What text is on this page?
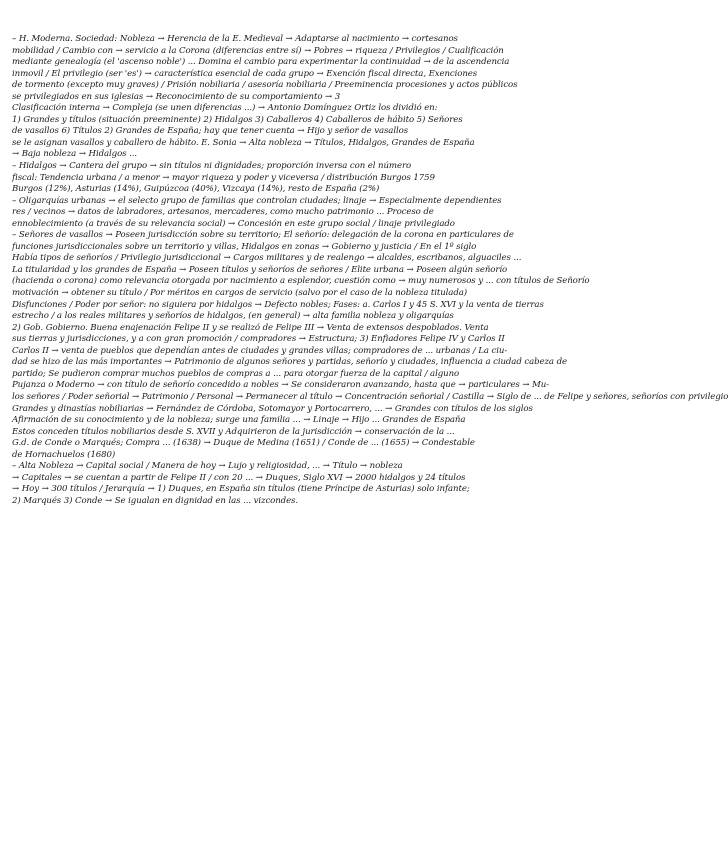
– H. Moderna. Sociedad: Nobleza → Herencia de la E. Medieval → Adaptarse al nacimiento → cortesanos
mobilidad / Cambio con → servicio a la Corona (diferencias entre sí) → Pobres → riqueza / Privilegios / Cualificación
mediante genealogía (el 'ascenso noble') ... Domina el cambio para experimentar la continuidad → de la ascendencia
inmovil / El privilegio (ser 'es') → característica esencial de cada grupo → Exención fiscal directa, Exenciones
de tormento (excepto muy graves) / Prisión nobiliaria / asesoría nobiliaria / Preeminencia procesiones y actos públicos
se privilegiados en sus iglesias → Reconocimiento de su comportamiento → 3
Clasificación interna → Compleja (se unen diferencias ...) → Antonio Domínguez Ortiz los dividió en:
1) Grandes y títulos (situación preeminente) 2) Hidalgos 3) Caballeros 4) Caballeros de hábito 5) Señores
de vasallos 6) Títulos 2) Grandes de España; hay que tener cuenta → Hijo y señor de vasallos
se le asignan vasallos y caballero de hábito. E. Sonia → Alta nobleza → Títulos, Hidalgos, Grandes de España
→ Baja nobleza → Hidalgos ...
– Hidalgos → Cantera del grupo → sin títulos ni dignidades; proporción inversa con el número
fiscal: Tendencia urbana / a menor → mayor riqueza y poder y viceversa / distribución Burgos 1759
Burgos (12%), Asturias (14%), Guipúzcoa (40%), Vizcaya (14%), resto de España (2%)
– Oligarquías urbanas → el selecto grupo de familias que controlan ciudades; linaje → Especialmente dependientes
res / vecinos → datos de labradores, artesanos, mercaderes, como mucho patrimonio ... Proceso de
ennoblecimiento (a través de su relevancia social) → Concesión en este grupo social / linaje privilegiado
– Señores de vasallos → Poseen jurisdicción sobre su territorio; El señorío: delegación de la corona en particulares de
funciones jurisdiccionales sobre un territorio y villas, Hidalgos en zonas → Gobierno y justicia / En el 1º siglo
Había tipos de señoríos / Privilegio jurisdiccional → Cargos militares y de realengo → alcaldes, escribanos, alguaciles ...
La titularidad y los grandes de España → Poseen títulos y señoríos de señores / Elite urbana → Poseen algún señorío
(hacienda o corona) como relevancia otorgada por nacimiento a esplendor, cuestión como → muy numerosos y ... con títulos de Señorío
motivación → obtener su título / Por méritos en cargos de servicio (salvo por el caso de la nobleza titulada)
Disfunciones / Poder por señor: no siguiera por hidalgos → Defecto nobles; Fases: a. Carlos I y 45 S. XVI y la venta de tierras
estrecho / a los reales militares y señoríos de hidalgos, (en general) → alta familia nobleza y oligarquías
2) Gob. Gobierno. Buena enajenación Felipe II y se realizó de Felipe III → Venta de extensos despoblados. Venta
sus tierras y jurisdicciones, y a con gran promoción / compradores → Estructura; 3) Enfiadores Felipe IV y Carlos II
Carlos II → venta de pueblos que dependían antes de ciudades y grandes villas; compradores de ... urbanas / La ciu-
dad se hizo de las más importantes → Patrimonio de algunos señores y partidas, señorío y ciudades, influencia a ciudad cabeza de
partido; Se pudieron comprar muchos pueblos de compras a ... para otorgar fuerza de la capital / alguno
Pujanza o Moderno → con título de señorío concedido a nobles → Se consideraron avanzando, hasta que → particulares → Mu-
los señores / Poder señorial → Patrimonio / Personal → Permanecer al título → Concentración señorial / Castilla → Siglo de ... de Felipe y señores, señoríos con privilegio
Grandes y dinastías nobiliarias → Fernández de Córdoba, Sotomayor y Portocarrero, ... → Grandes con títulos de los siglos
Afirmación de su conocimiento y de la nobleza; surge una familia ... → Linaje → Hijo ... Grandes de España
Estos conceden títulos nobiliarios desde S. XVII y Adquirieron de la jurisdicción → conservación de la ...
G.d. de Conde o Marqués; Compra ... (1638) → Duque de Medina (1651) / Conde de ... (1655) → Condestable
de Hornachuelos (1680)
– Alta Nobleza → Capital social / Manera de hoy → Lujo y religiosidad, ... → Título → nobleza
→ Capitales → se cuentan a partir de Felipe II / con 20 ... → Duques, Siglo XVI → 2000 hidalgos y 24 títulos
→ Hoy → 300 títulos / Jerarquía → 1) Duques, en España sin títulos (tiene Príncipe de Asturias) solo infante;
2) Marqués 3) Conde → Se igualan en dignidad en las ... vizcondes.
